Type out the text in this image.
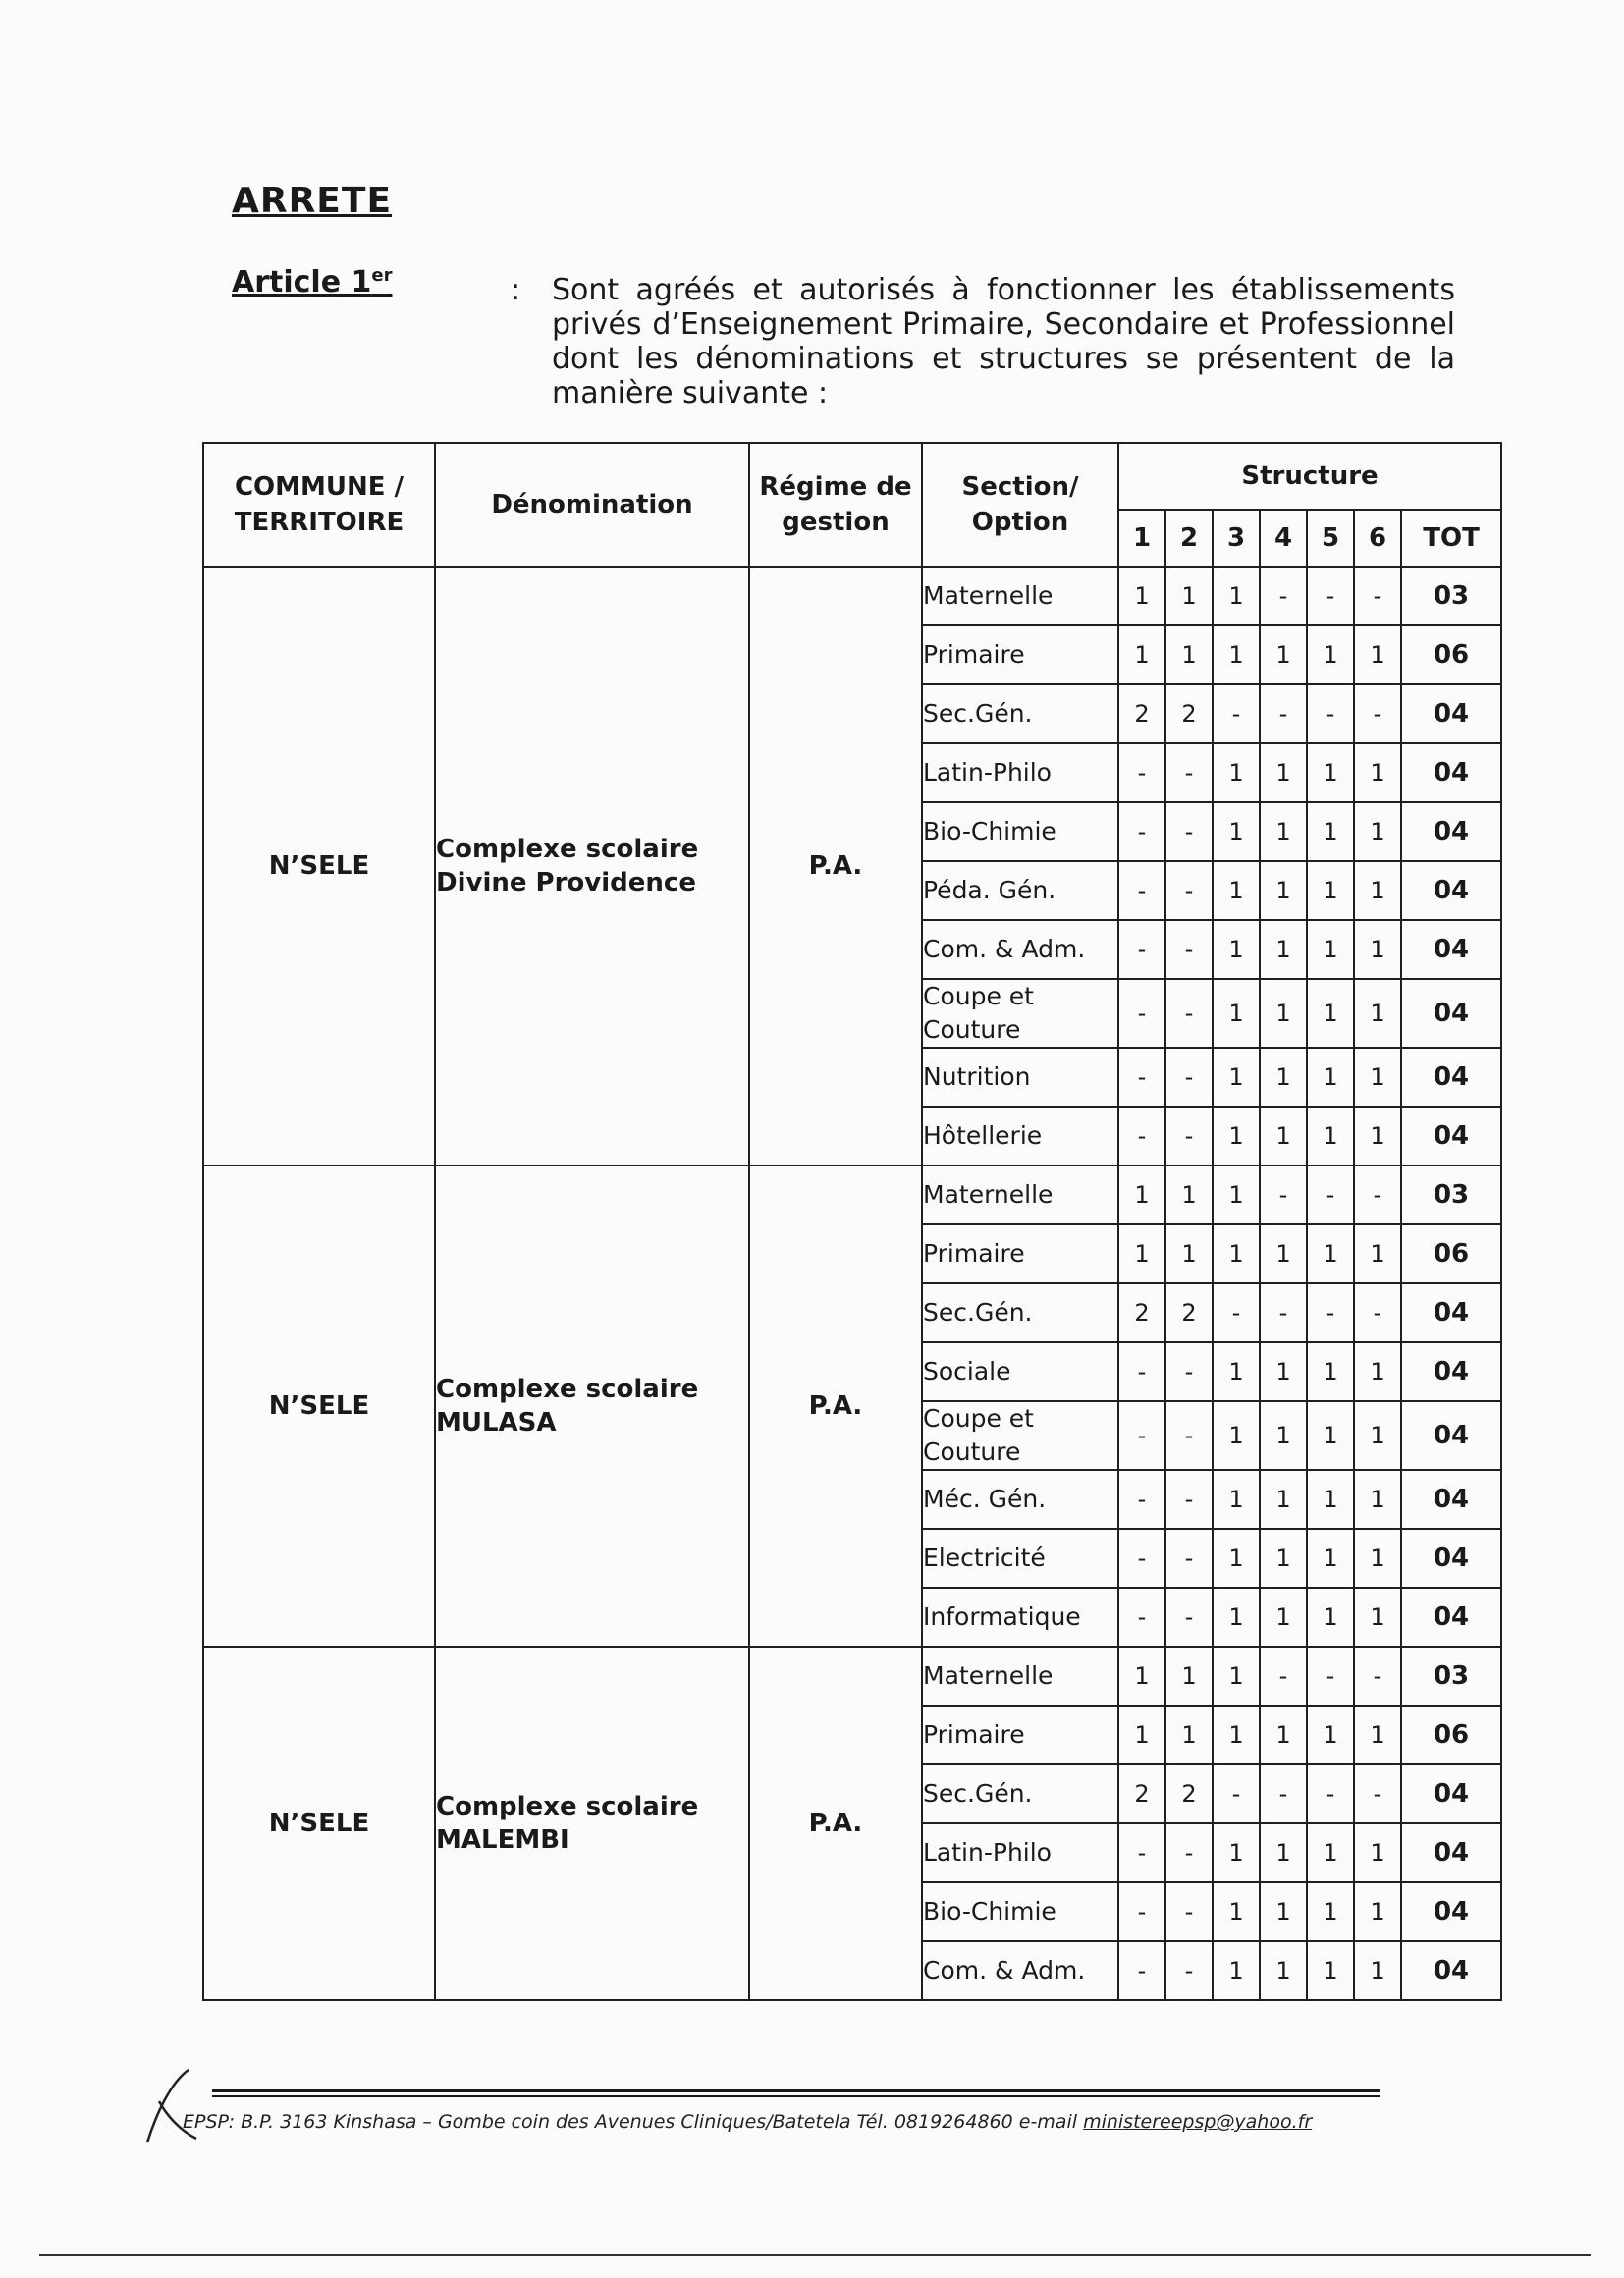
ARRETE
Article 1er	: Sont agréés et autorisés à fonctionner les établissements privés d’Enseignement Primaire, Secondaire et Professionnel dont les dénominations et structures se présentent de la manière suivante :
COMMUNE / TERRITOIRE	Dénomination	Régime de gestion	Section/ Option	Structure						
				1	2	3	4	5	6	TOT
N’SELE	Complexe scolaire Divine Providence	P.A.	Maternelle	1	1	1	-	-	-	03
			Primaire	1	1	1	1	1	1	06
			Sec.Gén.	2	2	-	-	-	-	04
			Latin-Philo	-	-	1	1	1	1	04
			Bio-Chimie	-	-	1	1	1	1	04
			Péda. Gén.	-	-	1	1	1	1	04
			Com. & Adm.	-	-	1	1	1	1	04
			Coupe et Couture	-	-	1	1	1	1	04
			Nutrition	-	-	1	1	1	1	04
			Hôtellerie	-	-	1	1	1	1	04
N’SELE	Complexe scolaire MULASA	P.A.	Maternelle	1	1	1	-	-	-	03
			Primaire	1	1	1	1	1	1	06
			Sec.Gén.	2	2	-	-	-	-	04
			Sociale	-	-	1	1	1	1	04
			Coupe et Couture	-	-	1	1	1	1	04
			Méc. Gén.	-	-	1	1	1	1	04
			Electricité	-	-	1	1	1	1	04
			Informatique	-	-	1	1	1	1	04
N’SELE	Complexe scolaire MALEMBI	P.A.	Maternelle	1	1	1	-	-	-	03
			Primaire	1	1	1	1	1	1	06
			Sec.Gén.	2	2	-	-	-	-	04
			Latin-Philo	-	-	1	1	1	1	04
			Bio-Chimie	-	-	1	1	1	1	04
			Com. & Adm.	-	-	1	1	1	1	04
EPSP: B.P. 3163 Kinshasa – Gombe coin des Avenues Cliniques/Batetela Tél. 0819264860 e-mail ministereepsp@yahoo.fr
